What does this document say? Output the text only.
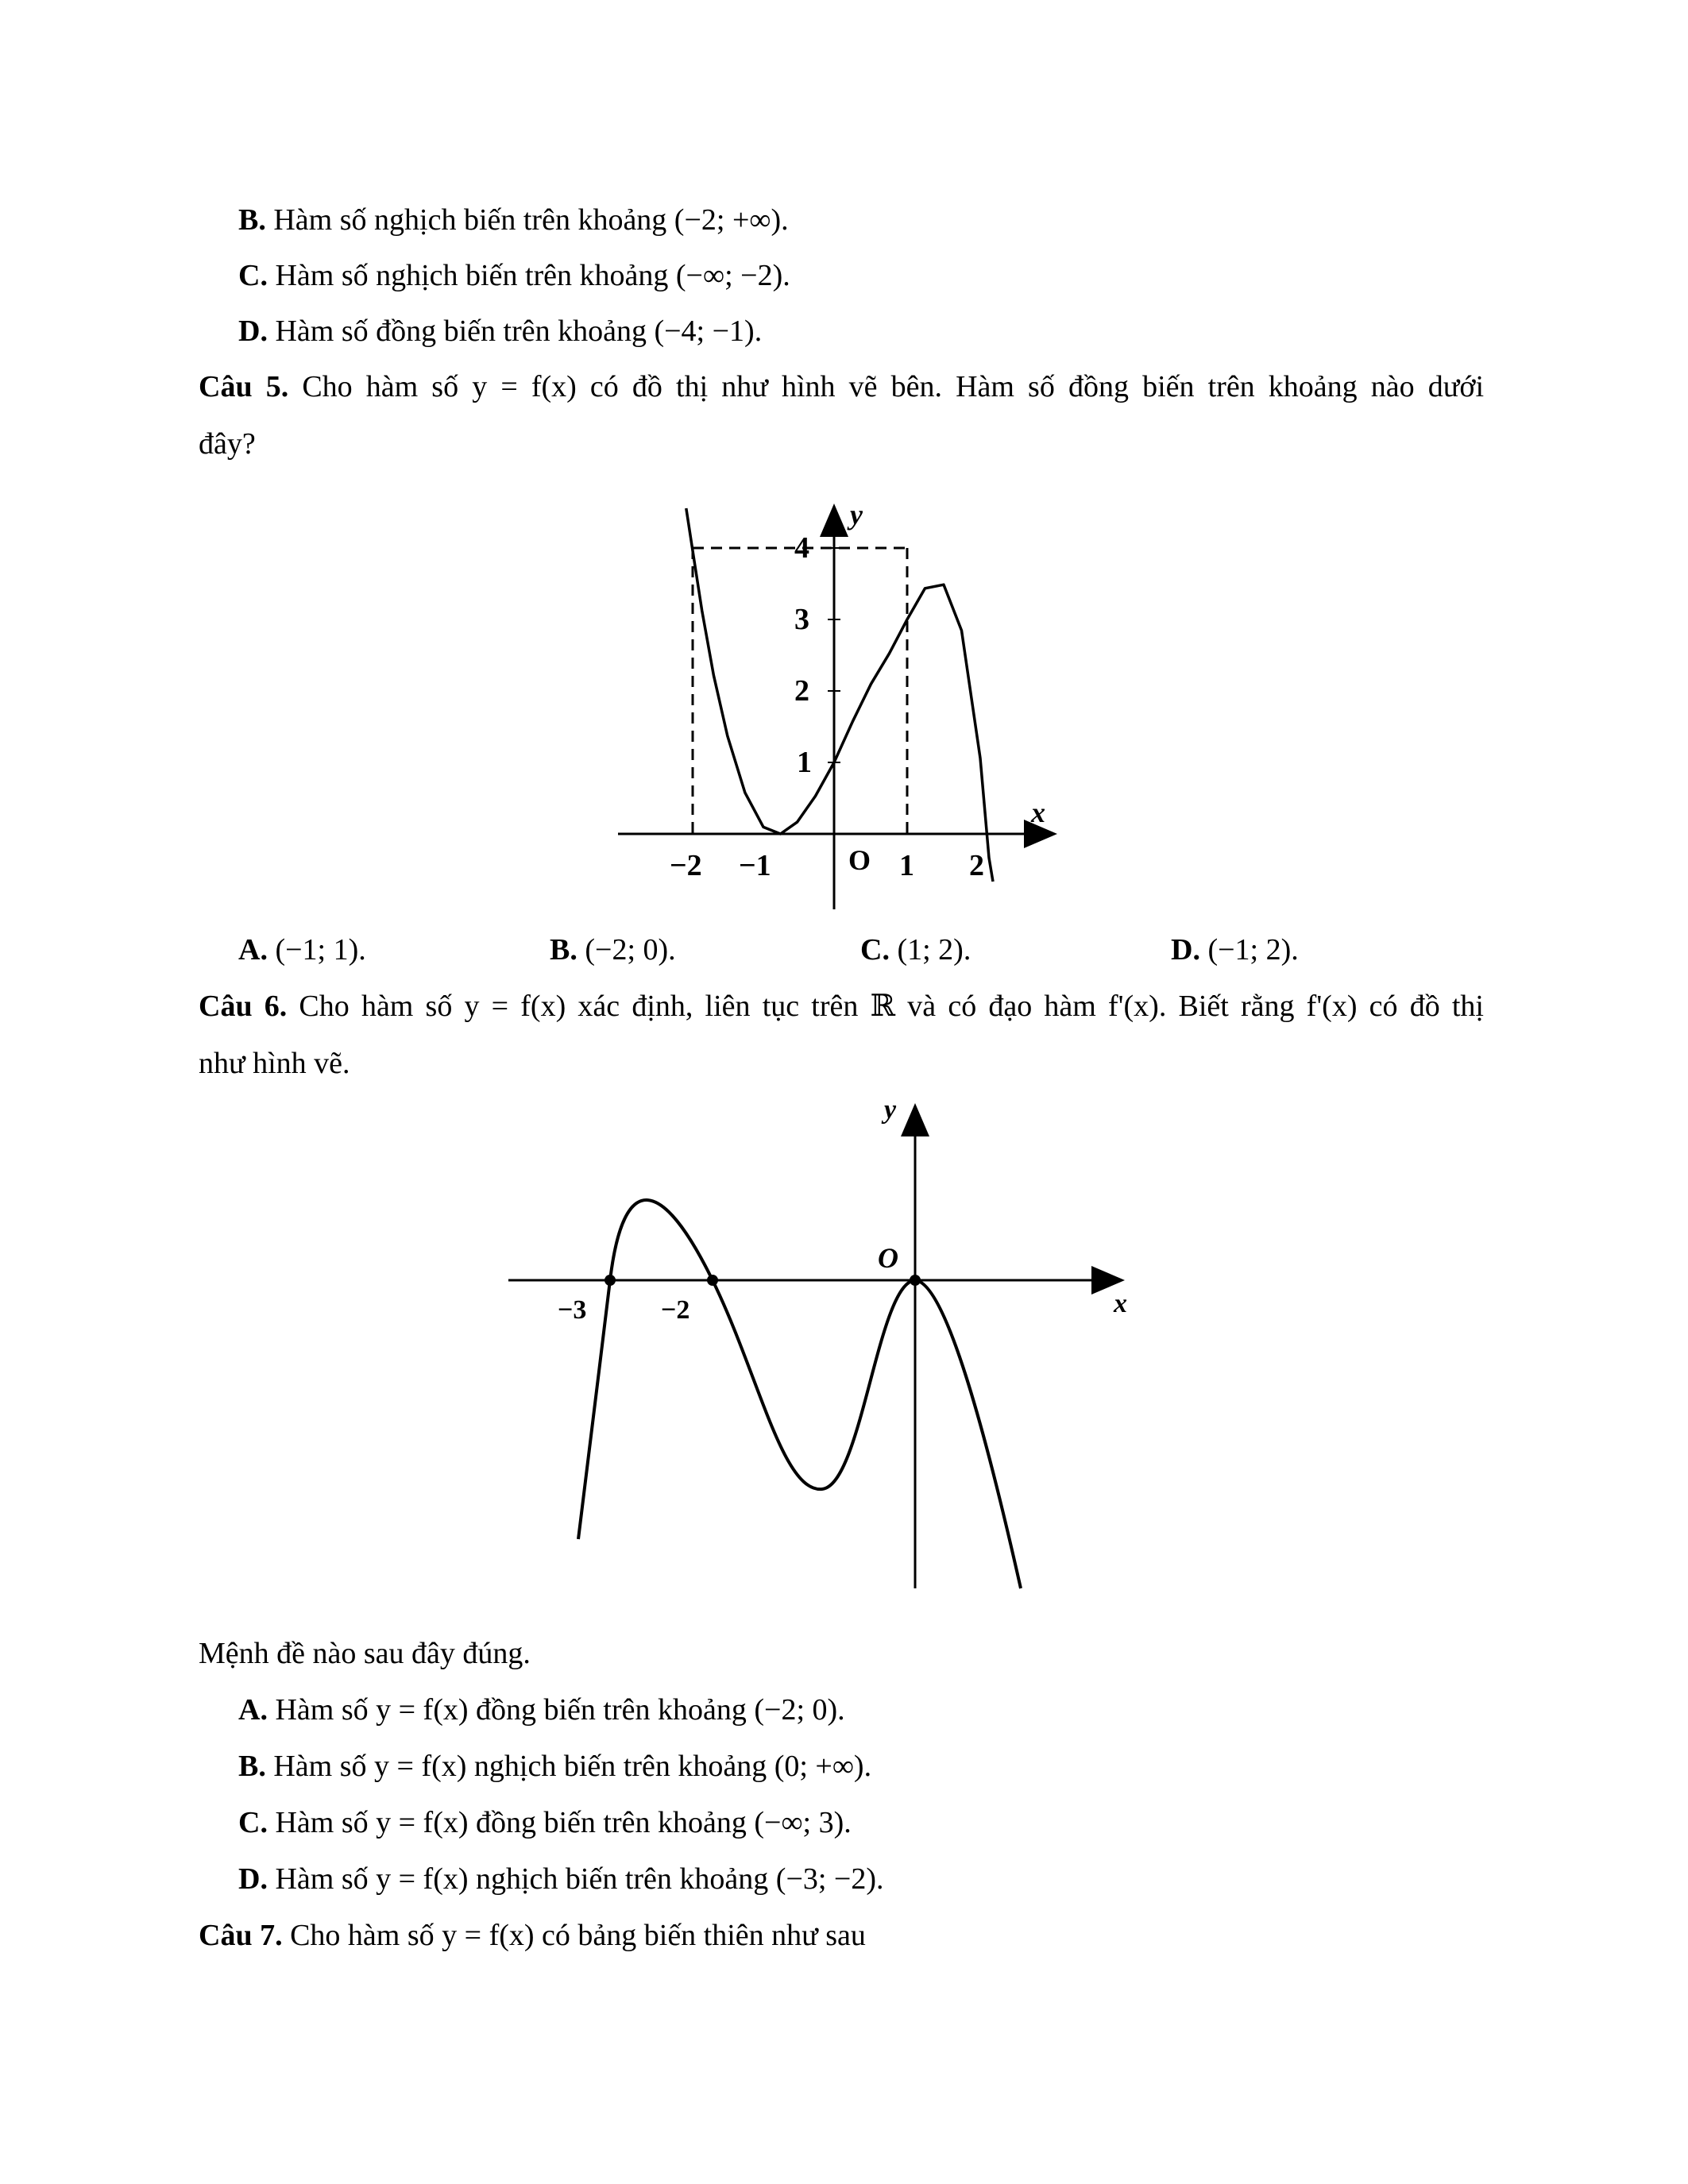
B. Hàm số nghịch biến trên khoảng (−2; +∞).
C. Hàm số nghịch biến trên khoảng (−∞; −2).
D. Hàm số đồng biến trên khoảng (−4; −1).
Câu 5. Cho hàm số y = f(x) có đồ thị như hình vẽ bên. Hàm số đồng biến trên khoảng nào dưới
đây?
y
x
O
−2 −1	1 2
1
2
3
4
A. (−1; 1).	B. (−2; 0).	C. (1; 2).	D. (−1; 2).
Câu 6. Cho hàm số y = f(x) xác định, liên tục trên ℝ và có đạo hàm f'(x). Biết rằng f'(x) có đồ thị
như hình vẽ.
y
x
O
−3	−2
Mệnh đề nào sau đây đúng.
A. Hàm số y = f(x) đồng biến trên khoảng (−2; 0).
B. Hàm số y = f(x) nghịch biến trên khoảng (0; +∞).
C. Hàm số y = f(x) đồng biến trên khoảng (−∞; 3).
D. Hàm số y = f(x) nghịch biến trên khoảng (−3; −2).
Câu 7. Cho hàm số y = f(x) có bảng biến thiên như sau
